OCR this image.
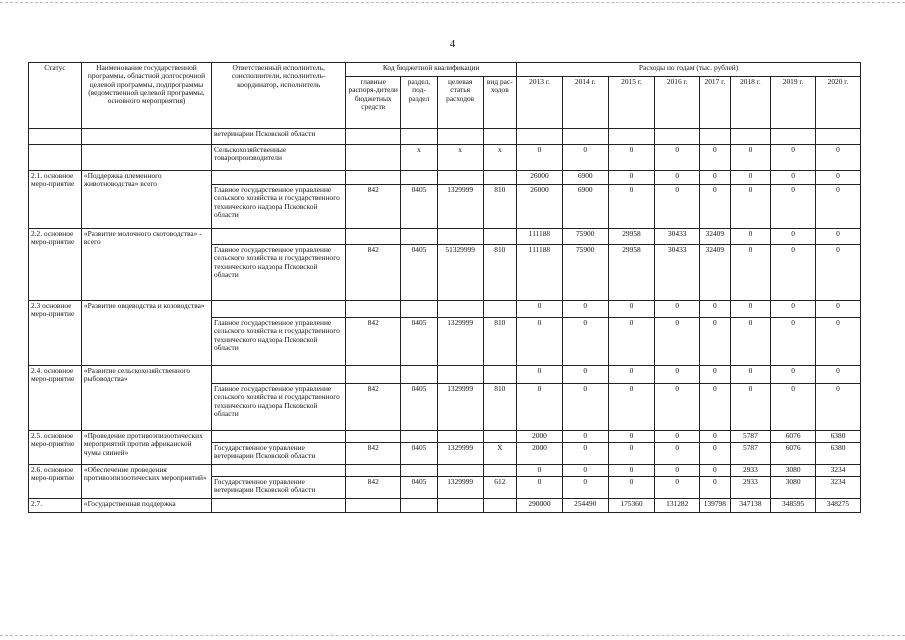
4
Статус	Наименование государственной программы, областной долгосрочной целевой программы, подпрограммы (ведомственной целевой программы, основного мероприятия)	Ответственный исполнитель, соисполнители, исполнитель-координатор, исполнитель	Код бюджетной квалификации				Расходы по годам (тыс. рублей)							
			главные распоря-дители бюджетных средств	раздел, под-раздел	целевая статья расходов	вид рас-ходов	2013 г.	2014 г.	2015 г.	2016 г.	2017 г.	2018 г.	2019 г.	2020 г.
		ветеринарии Псковской области												
		Сельскохозяйственные товаропроизводители		х	х	х	0	0	0	0	0	0	0	0
2.1. основное меро-приятие	«Поддержка племенного животноводства» всего						26000	6900	0	0	0	0	0	0
		Главное государственное управление сельского хозяйства и государственного технического надзора Псковской области	842	0405	1329999	810	26000	6900	0	0	0	0	0	0
2.2. основное меро-приятие	«Развитие молочного скотоводства» - всего						111188	75900	29958	30433	32409	0	0	0
		Главное государственное управление сельского хозяйства и государственного технического надзора Псковской области	842	0405	51329999	810	111188	75900	29958	30433	32409	0	0	0
2.3 основное меро-приятие	«Развитие овцеводства и козоводства»						0	0	0	0	0	0	0	0
		Главное государственное управление сельского хозяйства и государственного технического надзора Псковской области	842	0405	1329999	810	0	0	0	0	0	0	0	0
2.4. основное меро-приятие	«Развитие сельскохозяйственного рыбоводства»						0	0	0	0	0	0	0	0
		Главное государственное управление сельского хозяйства и государственного технического надзора Псковской области	842	0405	1329999	810	0	0	0	0	0	0	0	0
2.5. основное меро-приятие	«Проведение противоэпизоотических мероприятий против африканской чумы свиней»						2000	0	0	0	0	5787	6076	6380
		Государственное управление ветеринарии Псковской области	842	0405	1329999	Х	2000	0	0	0	0	5787	6076	6380
2.6. основное меро-приятие	«Обеспечение проведения противоэпизоотических мероприятий»						0	0	0	0	0	2933	3080	3234
		Государственное управление ветеринарии Псковской области	842	0405	1329999	612	0	0	0	0	0	2933	3080	3234
2.7.	«Государственная поддержка						290000	254490	175360	131282	139798	347138	348595	348275
